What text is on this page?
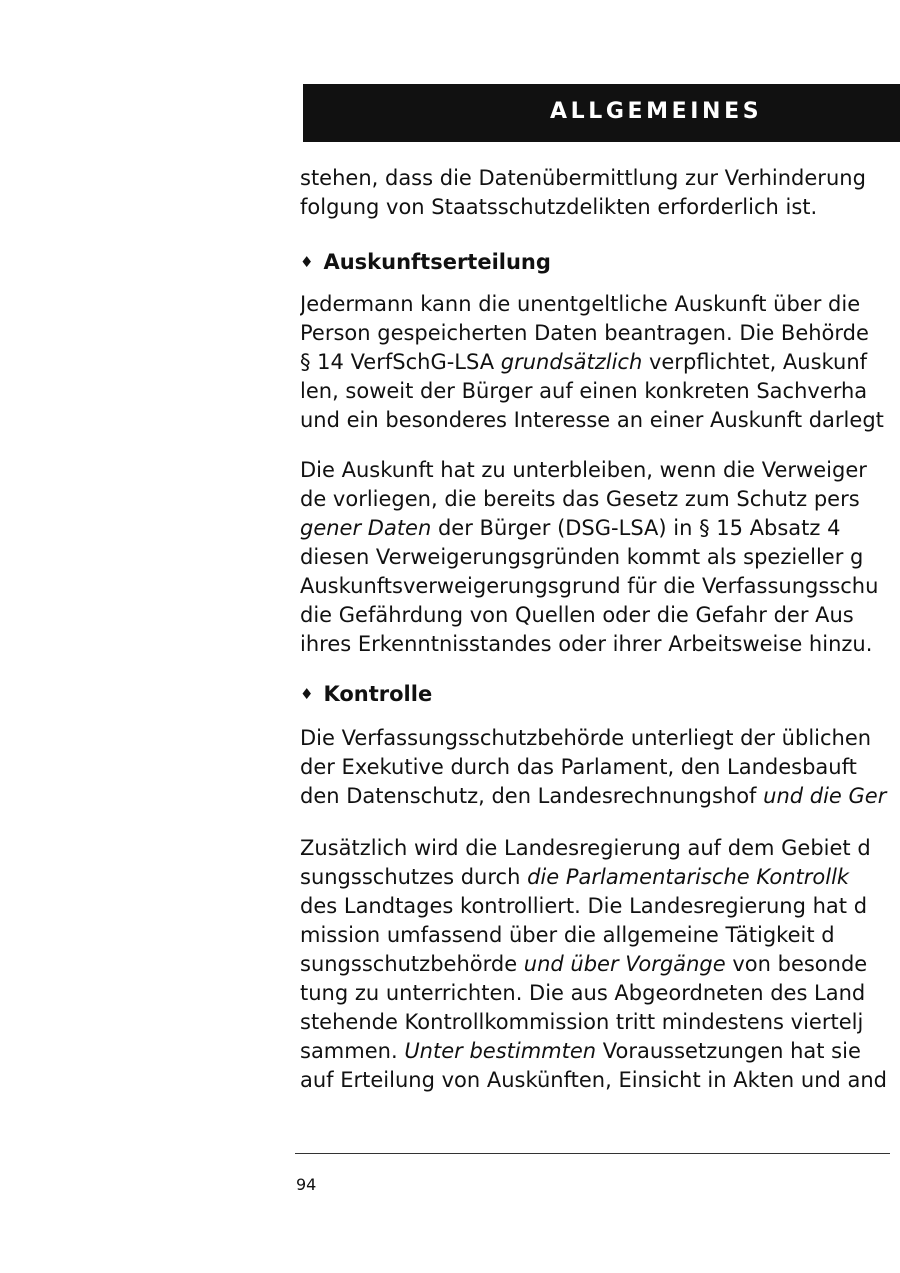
ALLGEMEINES
stehen, dass die Datenübermittlung zur Verhinderung
folgung von Staatsschutzdelikten erforderlich ist.
♦ Auskunftserteilung
Jedermann kann die unentgeltliche Auskunft über die
Person gespeicherten Daten beantragen. Die Behörde
§ 14 VerfSchG-LSA grundsätzlich verpflichtet, Auskunf
len, soweit der Bürger auf einen konkreten Sachverha
und ein besonderes Interesse an einer Auskunft darlegt
Die Auskunft hat zu unterbleiben, wenn die Verweiger
de vorliegen, die bereits das Gesetz zum Schutz pers
gener Daten der Bürger (DSG-LSA) in § 15 Absatz 4
diesen Verweigerungsgründen kommt als spezieller g
Auskunftsverweigerungsgrund für die Verfassungsschu
die Gefährdung von Quellen oder die Gefahr der Aus
ihres Erkenntnisstandes oder ihrer Arbeitsweise hinzu.
♦ Kontrolle
Die Verfassungsschutzbehörde unterliegt der üblichen
der Exekutive durch das Parlament, den Landesbauft
den Datenschutz, den Landesrechnungshof und die Ger
Zusätzlich wird die Landesregierung auf dem Gebiet d
sungsschutzes durch die Parlamentarische Kontrollk
des Landtages kontrolliert. Die Landesregierung hat d
mission umfassend über die allgemeine Tätigkeit d
sungsschutzbehörde und über Vorgänge von besonde
tung zu unterrichten. Die aus Abgeordneten des Land
stehende Kontrollkommission tritt mindestens viertelj
sammen. Unter bestimmten Voraussetzungen hat sie
auf Erteilung von Auskünften, Einsicht in Akten und and
94
